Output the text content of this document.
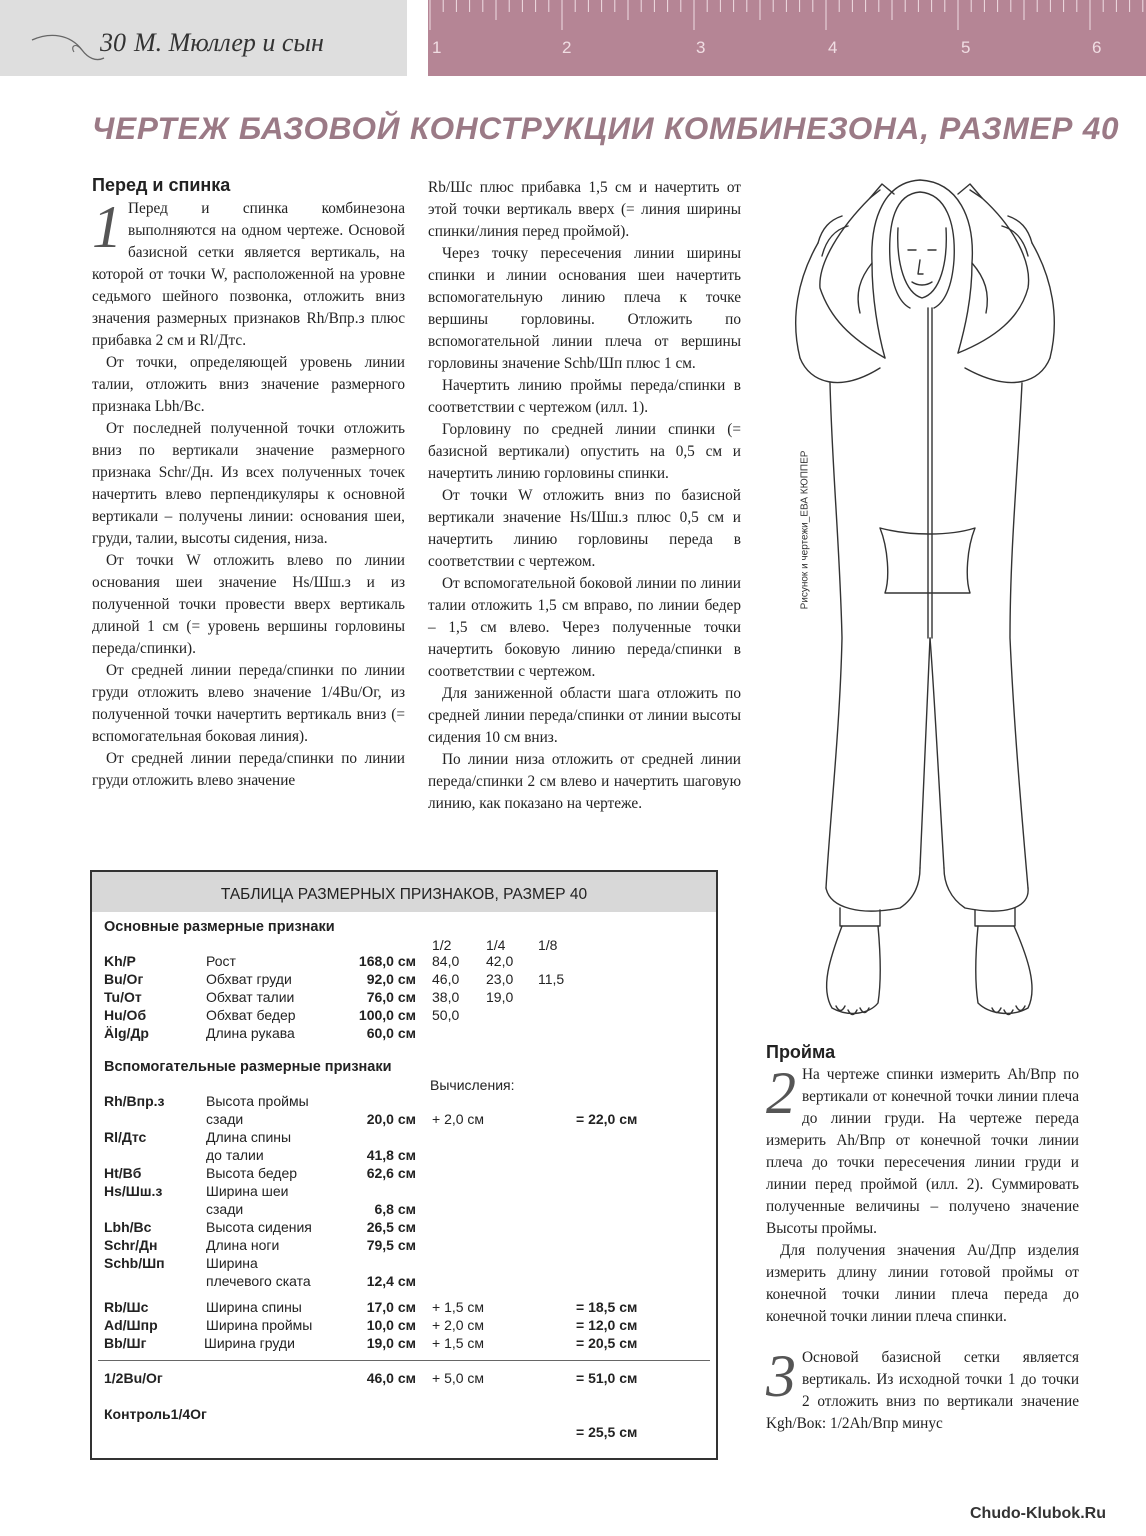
30 М. Мюллер и сын	1	2	3	4	5	6
ЧЕРТЕЖ БАЗОВОЙ КОНСТРУКЦИИ КОМБИНЕЗОНА, РАЗМЕР 40
Перед и спинка

1 Перед и спинка комбинезона выполняются на одном чертеже. Основой базисной сетки является вертикаль, на которой от точки W, расположенной на уровне седьмого шейного позвонка, отложить вниз значения размерных признаков Rh/Впр.з плюс прибавка 2 см и Rl/Дтс.

От точки, определяющей уровень линии талии, отложить вниз значение размерного признака Lbh/Вс.

От последней полученной точки отложить вниз по вертикали значение размерного признака Schr/Дн. Из всех полученных точек начертить влево перпендикуляры к основной вертикали – получены линии: основания шеи, груди, талии, высоты сидения, низа.

От точки W отложить влево по линии основания шеи значение Hs/Шш.з и из полученной точки провести вверх вертикаль длиной 1 см (= уровень вершины горловины переда/спинки).

От средней линии переда/спинки по линии груди отложить влево значение 1/4Bu/Ог, из полученной точки начертить вертикаль вниз (= вспомогательная боковая линия).

От средней линии переда/спинки по линии груди отложить влево значение

Rb/Шс плюс прибавка 1,5 см и начертить от этой точки вертикаль вверх (= линия ширины спинки/линия перед проймой).

Через точку пересечения линии ширины спинки и линии основания шеи начертить вспомогательную линию плеча к точке вершины горловины. Отложить по вспомогательной линии плеча от вершины горловины значение Schb/Шп плюс 1 см.

Начертить линию проймы переда/спинки в соответствии с чертежом (илл. 1).

Горловину по средней линии спинки (= базисной вертикали) опустить на 0,5 см и начертить линию горловины спинки.

От точки W отложить вниз по базисной вертикали значение Hs/Шш.з плюс 0,5 см и начертить линию горловины переда в соответствии с чертежом.

От вспомогательной боковой линии по линии талии отложить 1,5 см вправо, по линии бедер – 1,5 см влево. Через полученные точки начертить боковую линию переда/спинки в соответствии с чертежом.

Для заниженной области шага отложить по средней линии переда/спинки от линии высоты сидения 10 см вниз.

По линии низа отложить от средней линии переда/спинки 2 см влево и начертить шаговую линию, как показано на чертеже.

Рисунок и чертежи_ЕВА КЮППЕР
ТАБЛИЦА РАЗМЕРНЫХ ПРИЗНАКОВ, РАЗМЕР 40
Основные размерные признаки
1/2 1/4 1/8
Kh/P	Рост	168,0 см 84,0 42,0
Bu/Oг	Обхват груди	92,0 см 46,0 23,0 11,5
Tu/Oт	Обхват талии	76,0 см 38,0 19,0
Hu/Oб	Обхват бедер	100,0 см 50,0
Älg/Др	Длина рукава	60,0 см
Вспомогательные размерные признаки
Вычисления:
Rh/Впр.з	Высота проймы
сзади	20,0 см + 2,0 см	= 22,0 см
Rl/Дтс	Длина спины
до талии	41,8 см
Ht/Вб	Высота бедер	62,6 см
Hs/Шш.з	Ширина шеи
сзади	6,8 см
Lbh/Вс	Высота сидения	26,5 см
Schr/Дн	Длина ноги	79,5 см
Schb/Шп	Ширина
плечевого ската	12,4 см
Rb/Шс	Ширина спины	17,0 см + 1,5 см	= 18,5 см
Ad/Шпр	Ширина проймы	10,0 см + 2,0 см	= 12,0 см
Bb/Шг	Ширина груди	19,0 см + 1,5 см	= 20,5 см
1/2Bu/Oг	46,0 см + 5,0 см	= 51,0 см
Контроль1/4Oг
= 25,5 см
Пройма

2 На чертеже спинки измерить Ah/Впр по вертикали от конечной точки линии плеча до линии груди. На чертеже переда измерить Ah/Впр от конечной точки линии плеча до точки пересечения линии груди и линии перед проймой (илл. 2). Суммировать полученные величины – получено значение Высоты проймы.

Для получения значения Au/Дпр изделия измерить длину линии готовой проймы от конечной точки линии плеча переда до конечной точки линии плеча спинки.

3 Основой базисной сетки является вертикаль. Из исходной точки 1 до точки 2 отложить вниз по вертикали значение Kgh/Вок: 1/2Ah/Впр минус

Chudo-Klubok.Ru
